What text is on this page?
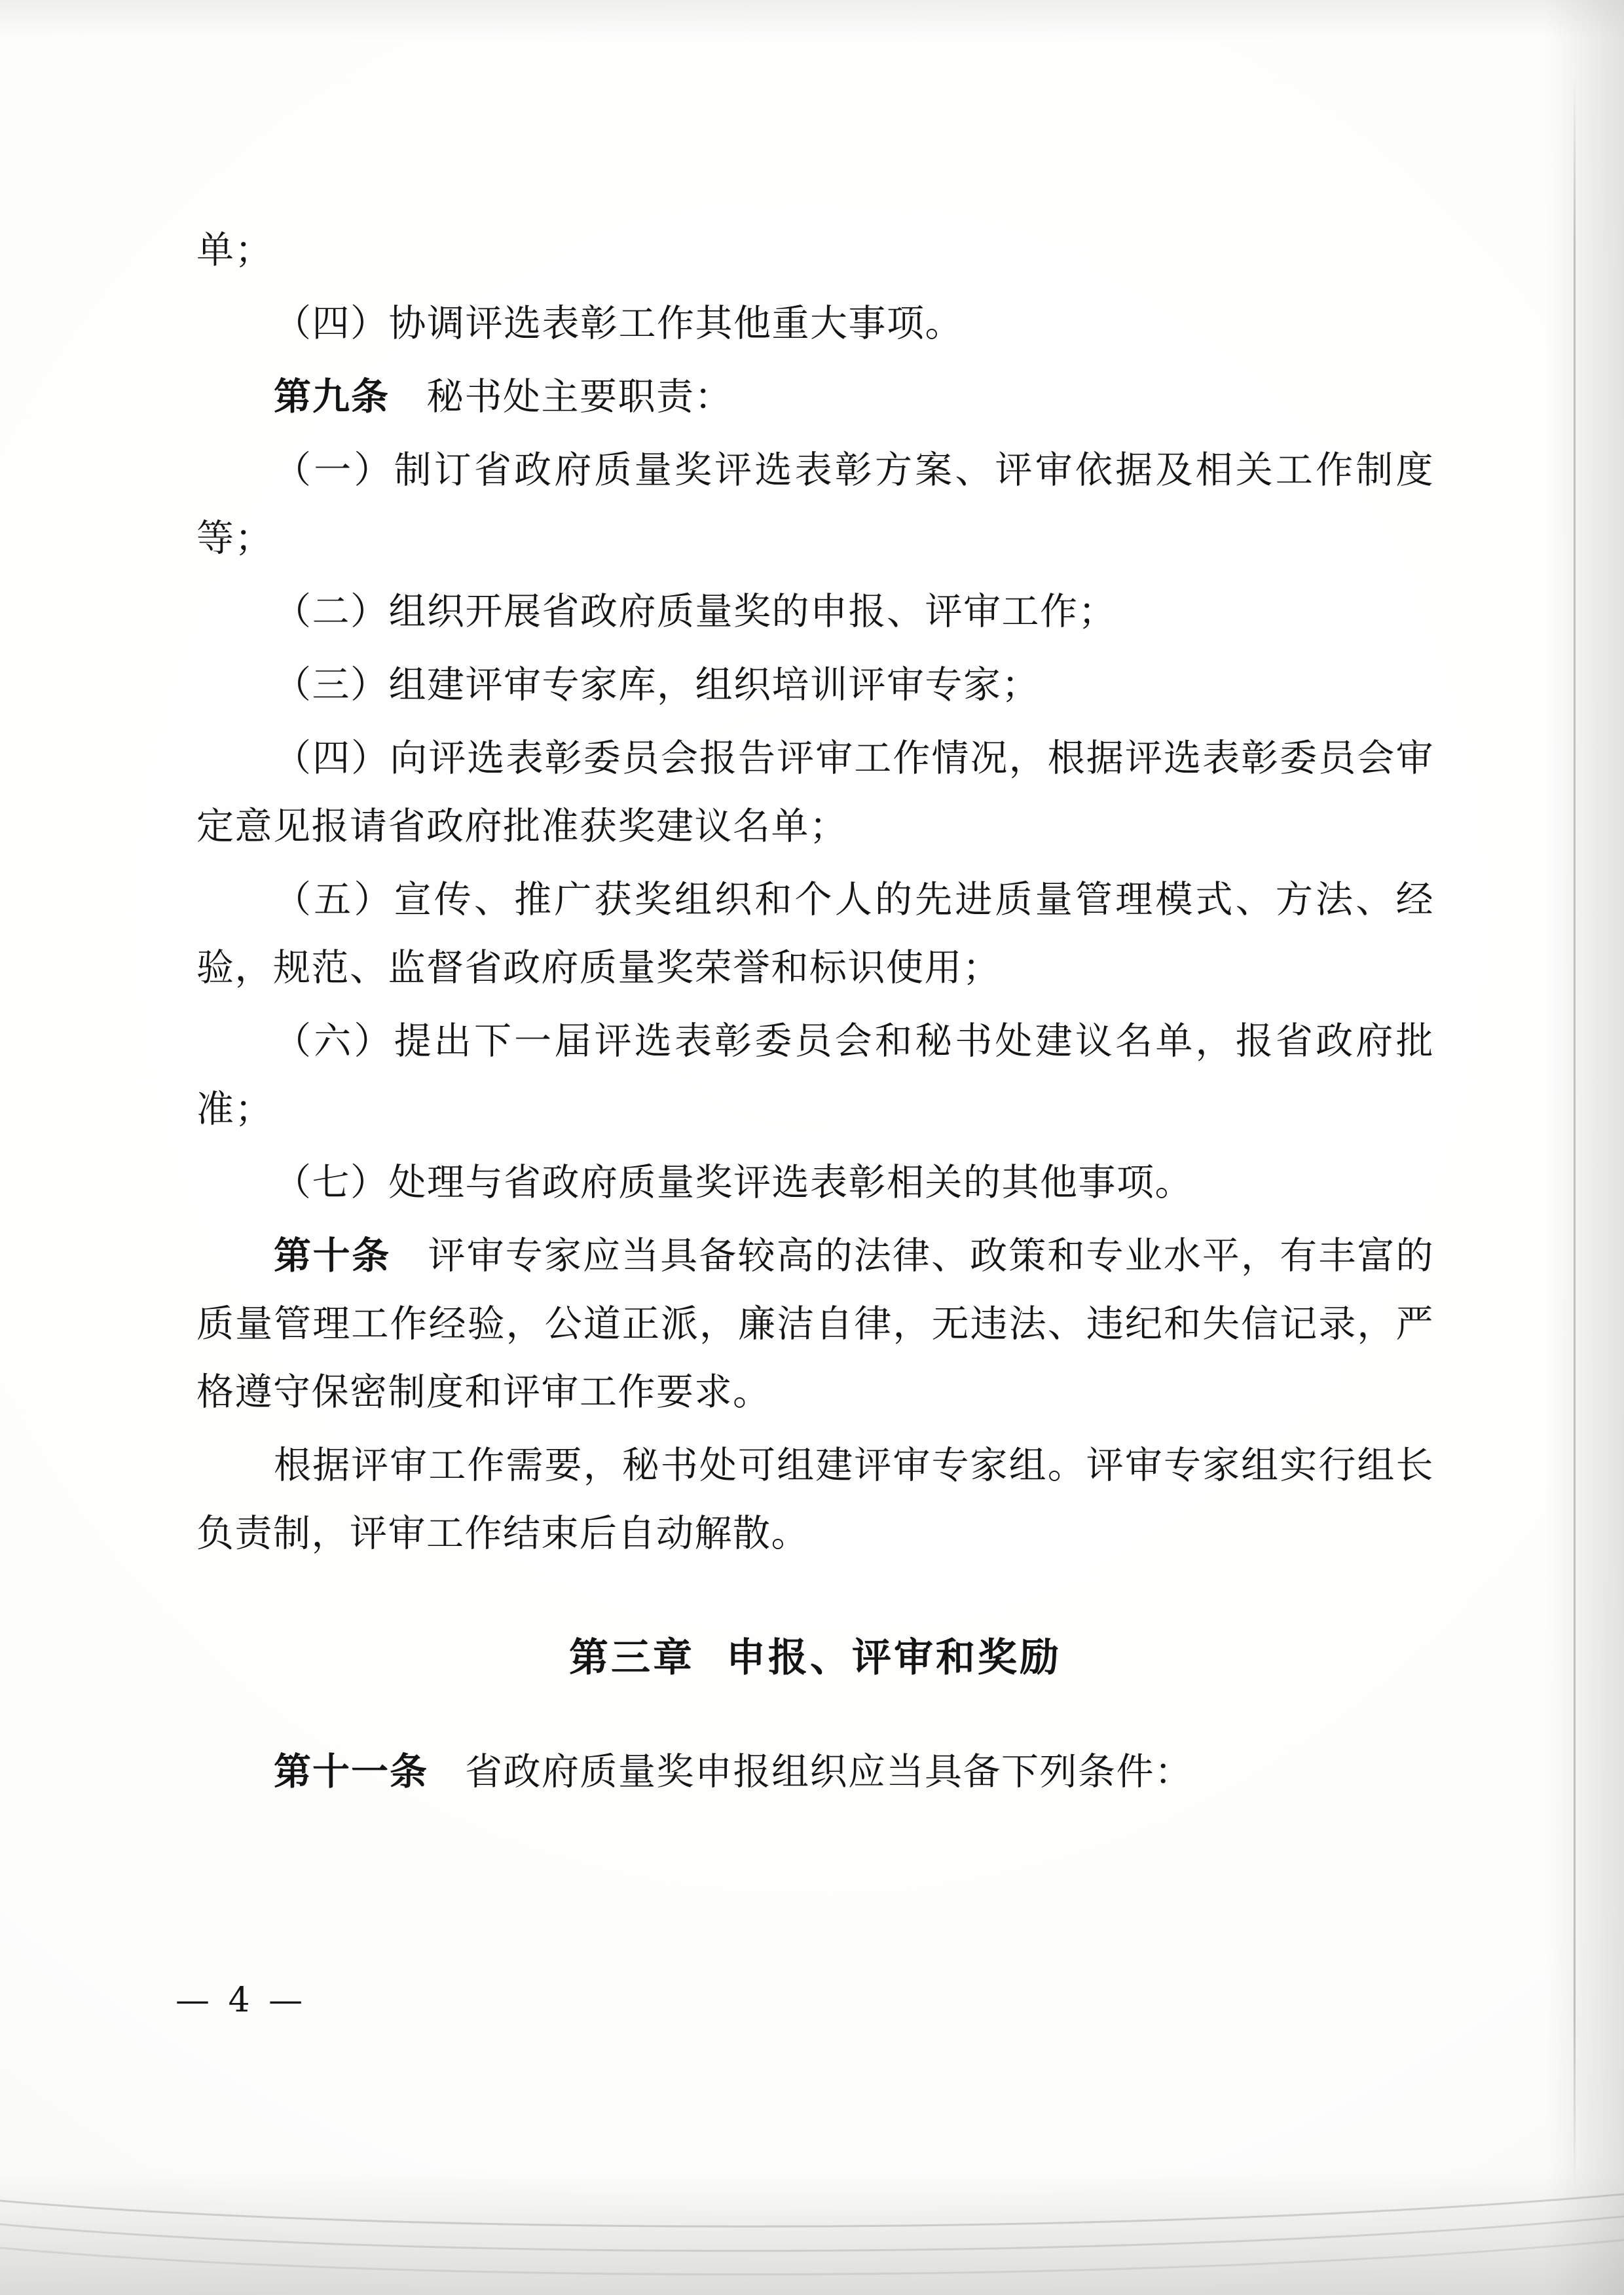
单；

（四）协调评选表彰工作其他重大事项。

第九条 秘书处主要职责：

（一）制订省政府质量奖评选表彰方案、评审依据及相关工作制度等；

（二）组织开展省政府质量奖的申报、评审工作；

（三）组建评审专家库，组织培训评审专家；

（四）向评选表彰委员会报告评审工作情况，根据评选表彰委员会审定意见报请省政府批准获奖建议名单；

（五）宣传、推广获奖组织和个人的先进质量管理模式、方法、经验，规范、监督省政府质量奖荣誉和标识使用；

（六）提出下一届评选表彰委员会和秘书处建议名单，报省政府批准；

（七）处理与省政府质量奖评选表彰相关的其他事项。

第十条 评审专家应当具备较高的法律、政策和专业水平，有丰富的质量管理工作经验，公道正派，廉洁自律，无违法、违纪和失信记录，严格遵守保密制度和评审工作要求。

根据评审工作需要，秘书处可组建评审专家组。评审专家组实行组长负责制，评审工作结束后自动解散。

第三章 申报、评审和奖励

第十一条 省政府质量奖申报组织应当具备下列条件：

— 4 —
